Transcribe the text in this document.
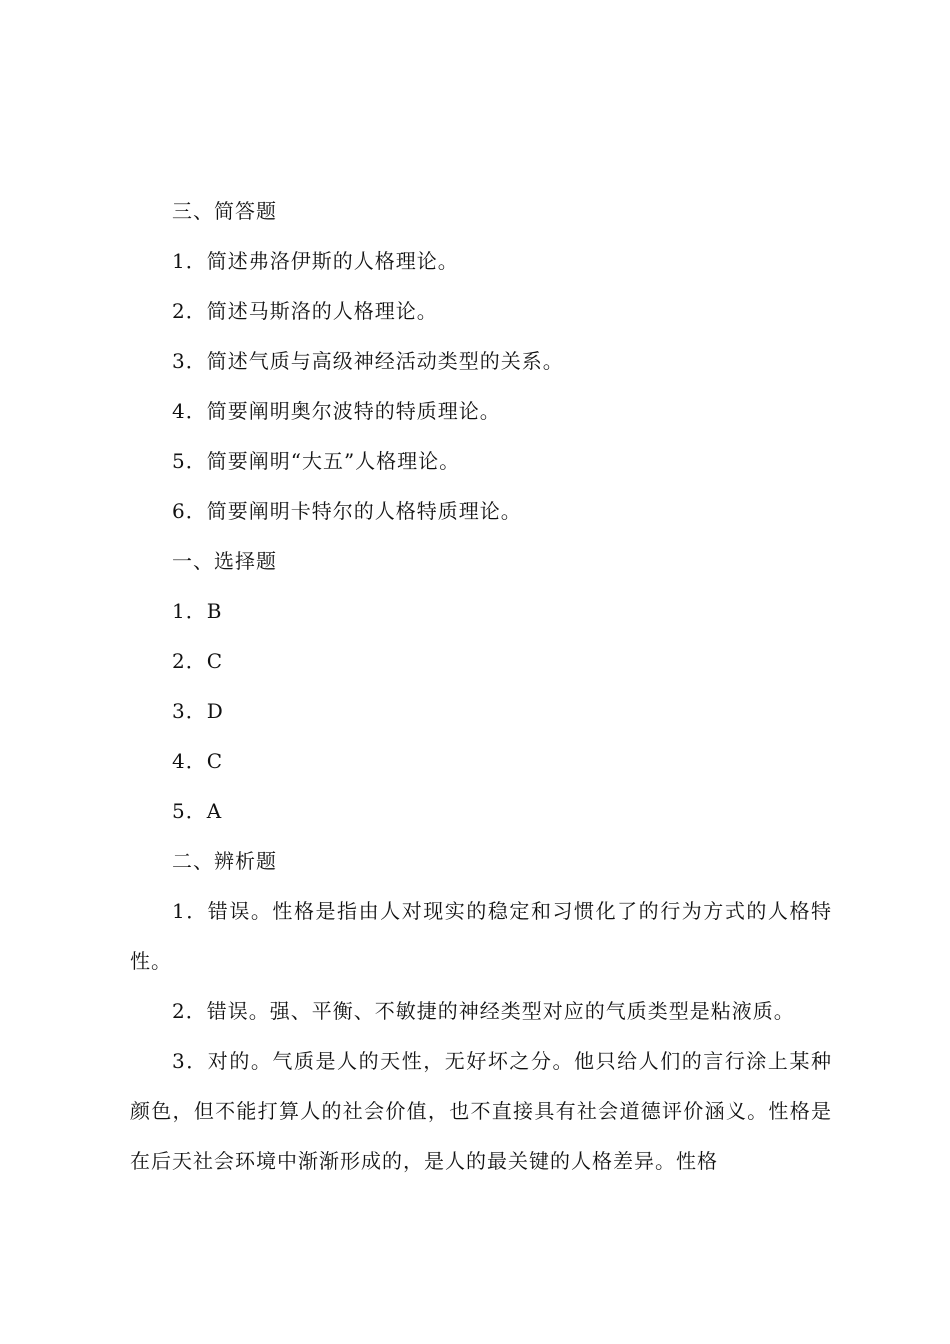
三、简答题

1．简述弗洛伊斯的人格理论。

2．简述马斯洛的人格理论。

3．简述气质与高级神经活动类型的关系。

4．简要阐明奥尔波特的特质理论。

5．简要阐明“大五”人格理论。

6．简要阐明卡特尔的人格特质理论。

一、选择题

1．B

2．C

3．D

4．C

5．A

二、辨析题

1．错误。性格是指由人对现实的稳定和习惯化了的行为方式的人格特性。

2．错误。强、平衡、不敏捷的神经类型对应的气质类型是粘液质。

3．对的。气质是人的天性，无好坏之分。他只给人们的言行涂上某种颜色，但不能打算人的社会价值，也不直接具有社会道德评价涵义。性格是在后天社会环境中渐渐形成的，是人的最关键的人格差异。性格
